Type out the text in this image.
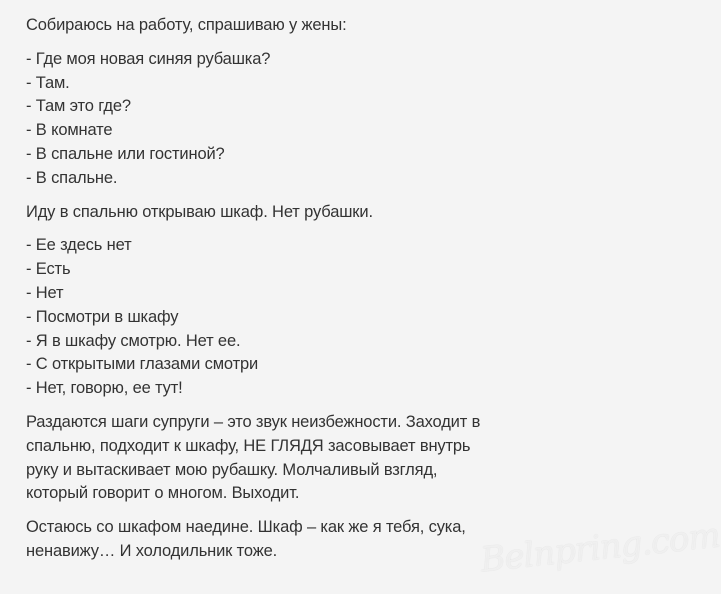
Собираюсь на работу, спрашиваю у жены:

- Где моя новая синяя рубашка?
- Там.
- Там это где?
- В комнате
- В спальне или гостиной?
- В спальне.

Иду в спальню открываю шкаф. Нет рубашки.

- Ее здесь нет
- Есть
- Нет
- Посмотри в шкафу
- Я в шкафу смотрю. Нет ее.
- С открытыми глазами смотри
- Нет, говорю, ее тут!
Раздаются шаги супруги – это звук неизбежности. Заходит в
спальню, подходит к шкафу, НЕ ГЛЯДЯ засовывает внутрь
руку и вытаскивает мою рубашку. Молчаливый взгляд,
который говорит о многом. Выходит.
Остаюсь со шкафом наедине. Шкаф – как же я тебя, сука,
ненавижу… И холодильник тоже.	Belnpring.com
